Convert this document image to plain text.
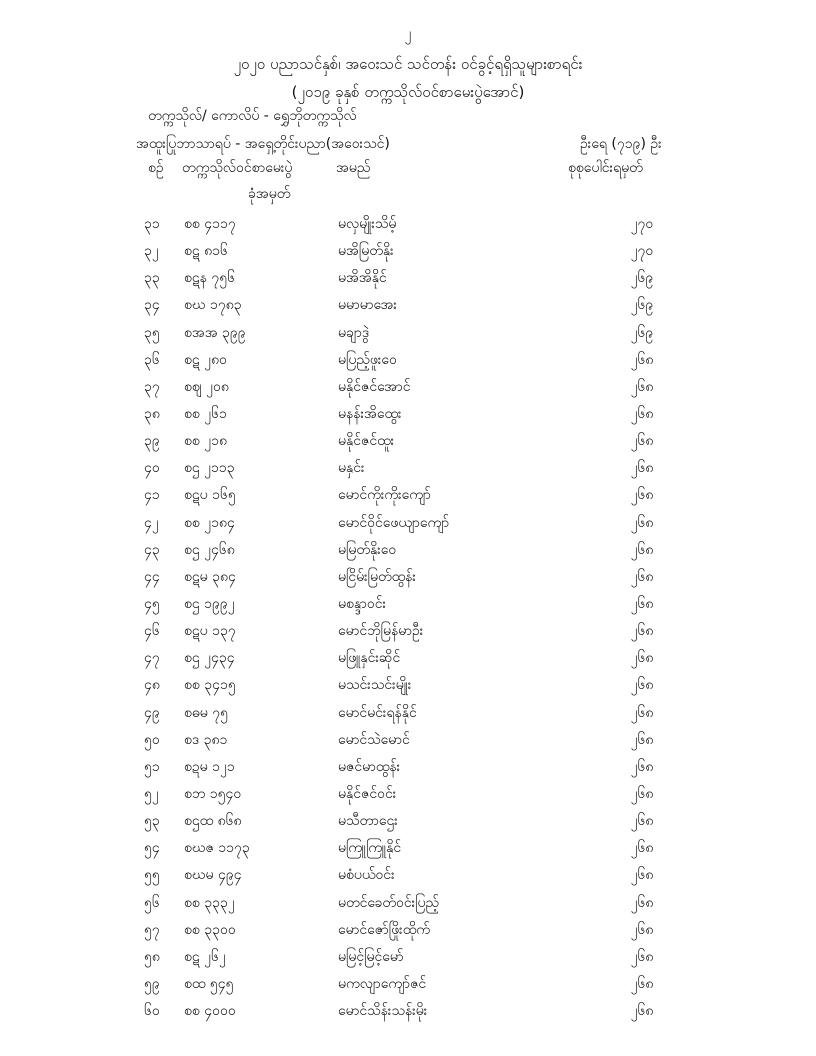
၂
၂၀၂၀ ပညာသင်နှစ်၊ အဝေးသင် သင်တန်း ဝင်ခွင့်ရရှိသူများစာရင်း
(၂၀၁၉ ခုနှစ် တက္ကသိုလ်ဝင်စာမေးပွဲအောင်)
တက္ကသိုလ်/ ကောလိပ် - ရွှေဘိုတက္ကသိုလ်
အထူးပြုဘာသာရပ် - အရှေ့တိုင်းပညာ(အဝေးသင်)	ဦးရေ (၇၁၉) ဦး
စဉ် တက္ကသိုလ်ဝင်စာမေးပွဲ
ခုံအမှတ်
အမည်	စုစုပေါင်းရမှတ်
၃၁	စစ ၄၁၁၇	မလှမျိုးသိမ့်	၂၇၀
၃၂	စဋ ၈၁၆	မအိမြတ်နိုး	၂၇၀
၃၃	စဋန ၇၅၆	မအိအိနိုင်	၂၆၉
၃၄	စဃ ၁၇၈၃	မမာမာအေး	၂၆၉
၃၅	စအအ ၃၉၉	မချာဒွဲ	၂၆၉
၃၆	စဋ ၂၈၀	မပြည့်ဖူးဝေ	၂၆၈
၃၇	စဈ ၂၀၈	မနိုင်ဇင်အောင်	၂၆၈
၃၈	စစ ၂၆၁	မနန်းအိထွေး	၂၆၈
၃၉	စစ ၂၁၈	မနိုင်ဇင်ထူး	၂၆၈
၄၀	စဌ ၂၁၁၃	မနှင်း	၂၆၈
၄၁	စဋပ ၁၆၅	မောင်ကိုးကိုးကျော်	၂၆၈
၄၂	စစ ၂၁၈၄	မောင်ဝိုင်ဖေယျာကျော်	၂၆၈
၄၃	စဌ ၂၄၆၈	မမြတ်နိုးဝေ	၂၆၈
၄၄	စဋမ ၃၈၄	မငြိမ်းမြတ်ထွန်း	၂၆၈
၄၅	စဌ ၁၉၉၂	မစန္ဒာဝင်း	၂၆၈
၄၆	စဋပ ၁၃၇	မောင်ဘိုမြန်မာဦး	၂၆၈
၄၇	စဌ ၂၄၃၄	မဖြူနှင်းဆိုင်	၂၆၈
၄၈	စစ ၃၄၁၅	မသင်းသင်းမျိုး	၂၆၈
၄၉	စဓမ ၇၅	မောင်မင်းရန်နိုင်	၂၆၈
၅၀	စဒ ၃၈၁	မောင်သဲမောင်	၂၆၈
၅၁	စဍမ ၁၂၁	မဇင်မာထွန်း	၂၆၈
၅၂	စဘ ၁၅၄၀	မနိုင်ဇင်ဝင်း	၂၆၈
၅၃	စဌထ ၈၆၈	မသီတာဌေး	၂၆၈
၅၄	စဃဇ ၁၁၇၃	မကြူကြူနိုင်	၂၆၈
၅၅	စဃမ ၄၉၄	မစံပယ်ဝင်း	၂၆၈
၅၆	စစ ၃၃၃၂	မတင်ခေတ်ဝင်းပြည့်	၂၆၈
၅၇	စစ ၃၃၀၀	မောင်ဇော်ဖြိုးထိုက်	၂၆၈
၅၈	စဋ ၂၆၂	မမြင့်မြင့်မော်	၂၆၈
၅၉	စထ ၅၄၅	မကလျာကျော်ဇင်	၂၆၈
၆၀	စစ ၄၀၀၀	မောင်သိန်းသန်းမိုး	၂၆၈
